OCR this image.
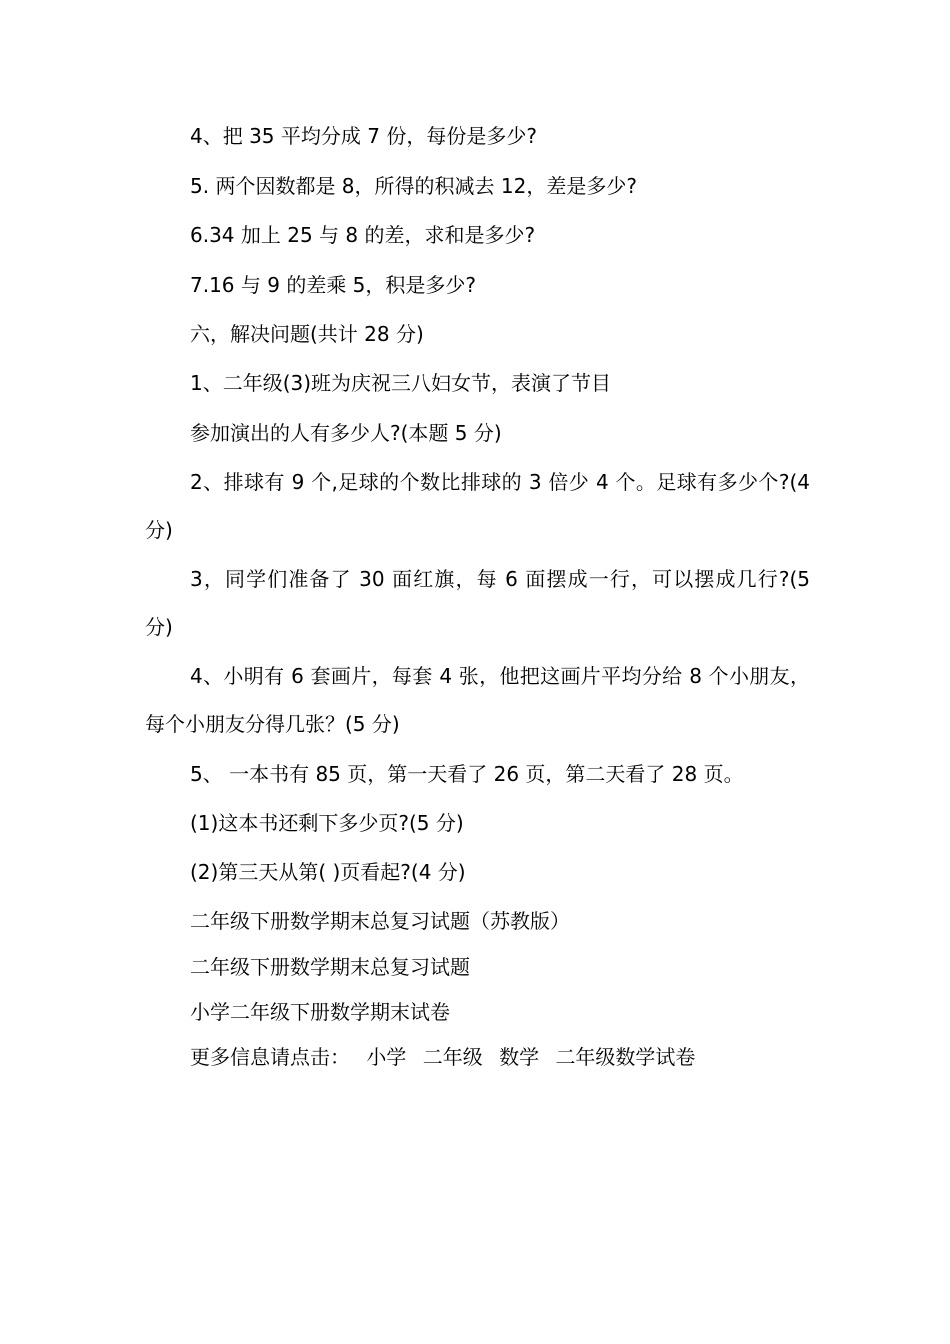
4、把 35 平均分成 7 份，每份是多少?

5. 两个因数都是 8，所得的积减去 12，差是多少?

6.34 加上 25 与 8 的差，求和是多少?

7.16 与 9 的差乘 5，积是多少?

六，解决问题(共计 28 分)

1、二年级(3)班为庆祝三八妇女节，表演了节目

参加演出的人有多少人?(本题 5 分)

2、排球有 9 个,足球的个数比排球的 3 倍少 4 个。足球有多少个?(4 分)

3，同学们准备了 30 面红旗，每 6 面摆成一行，可以摆成几行?(5 分)

4、小明有 6 套画片，每套 4 张，他把这画片平均分给 8 个小朋友，每个小朋友分得几张？(5 分)

5、 一本书有 85 页，第一天看了 26 页，第二天看了 28 页。

(1)这本书还剩下多少页?(5 分)

(2)第三天从第( )页看起?(4 分)

二年级下册数学期末总复习试题（苏教版）

二年级下册数学期末总复习试题

小学二年级下册数学期末试卷

更多信息请点击： 小学 二年级 数学 二年级数学试卷
